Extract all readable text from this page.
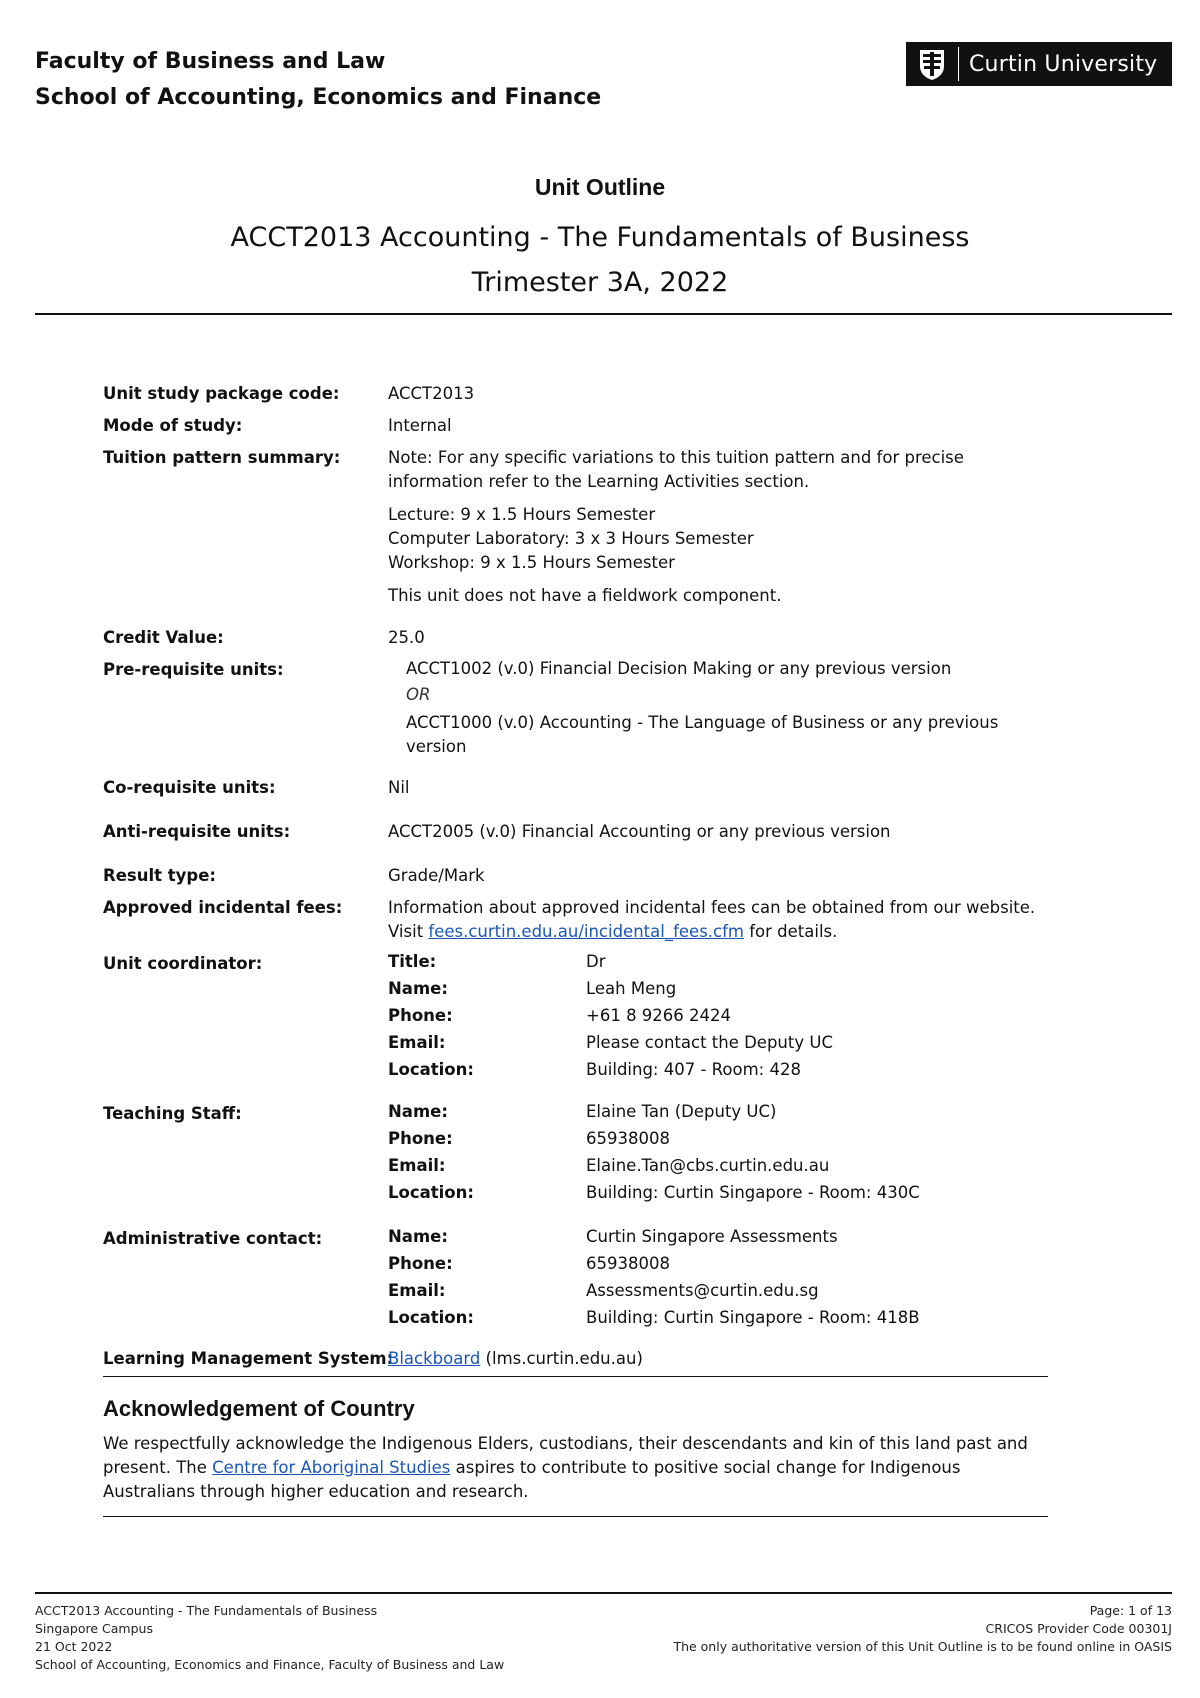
Faculty of Business and Law
School of Accounting, Economics and Finance
Curtin University
Unit Outline
ACCT2013 Accounting - The Fundamentals of Business
Trimester 3A, 2022
Unit study package code:	ACCT2013
Mode of study:	Internal
Tuition pattern summary:	Note: For any specific variations to this tuition pattern and for precise
information refer to the Learning Activities section.
Lecture: 9 x 1.5 Hours Semester
Computer Laboratory: 3 x 3 Hours Semester
Workshop: 9 x 1.5 Hours Semester
This unit does not have a fieldwork component.
Credit Value:	25.0
Pre-requisite units:	ACCT1002 (v.0) Financial Decision Making or any previous version
OR
ACCT1000 (v.0) Accounting - The Language of Business or any previous
version
Co-requisite units:	Nil
Anti-requisite units:	ACCT2005 (v.0) Financial Accounting or any previous version
Result type:	Grade/Mark
Approved incidental fees:	Information about approved incidental fees can be obtained from our website.
Visit fees.curtin.edu.au/incidental_fees.cfm for details.
Unit coordinator:	Title:	Dr
Name:	Leah Meng
Phone:	+61 8 9266 2424
Email:	Please contact the Deputy UC
Location:	Building: 407 - Room: 428
Teaching Staff:	Name:	Elaine Tan (Deputy UC)
Phone:	65938008
Email:	Elaine.Tan@cbs.curtin.edu.au
Location:	Building: Curtin Singapore - Room: 430C
Administrative contact:	Name:	Curtin Singapore Assessments
Phone:	65938008
Email:	Assessments@curtin.edu.sg
Location:	Building: Curtin Singapore - Room: 418B
Learning Management System:
Blackboard (lms.curtin.edu.au)
Acknowledgement of Country
We respectfully acknowledge the Indigenous Elders, custodians, their descendants and kin of this land past and
present. The Centre for Aboriginal Studies aspires to contribute to positive social change for Indigenous
Australians through higher education and research.
ACCT2013 Accounting - The Fundamentals of Business
Singapore Campus
21 Oct 2022
School of Accounting, Economics and Finance, Faculty of Business and Law
Page: 1 of 13
CRICOS Provider Code 00301J
The only authoritative version of this Unit Outline is to be found online in OASIS
